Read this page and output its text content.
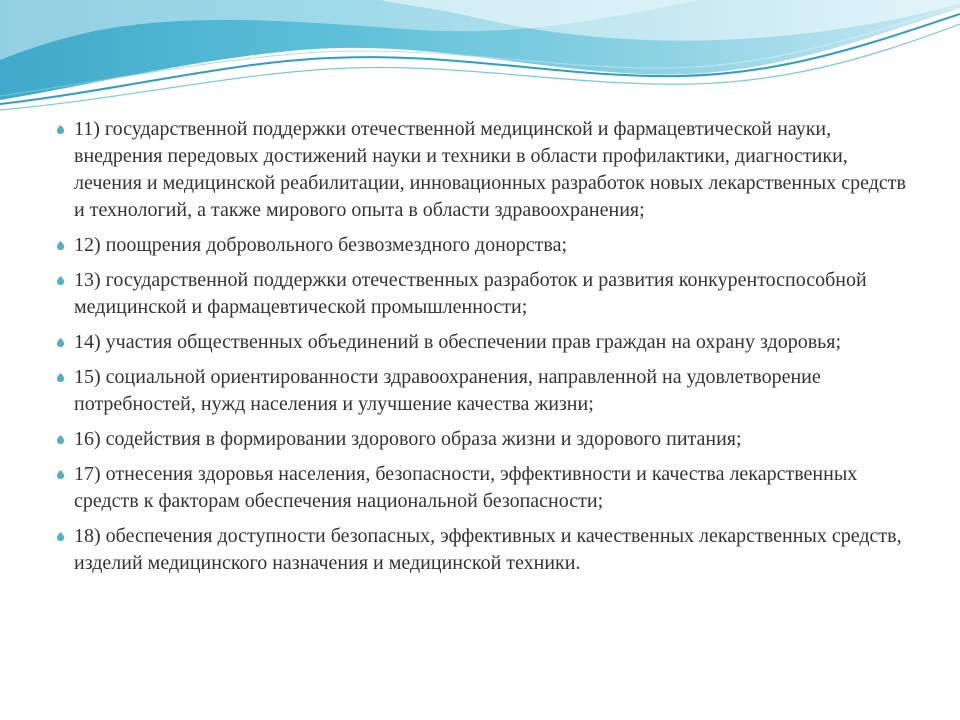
11) государственной поддержки отечественной медицинской и фармацевтической науки, внедрения передовых достижений науки и техники в области профилактики, диагностики, лечения и медицинской реабилитации, инновационных разработок новых лекарственных средств и технологий, а также мирового опыта в области здравоохранения;
12) поощрения добровольного безвозмездного донорства;
13) государственной поддержки отечественных разработок и развития конкурентоспособной медицинской и фармацевтической промышленности;
14) участия общественных объединений в обеспечении прав граждан на охрану здоровья;
15) социальной ориентированности здравоохранения, направленной на удовлетворение потребностей, нужд населения и улучшение качества жизни;
16) содействия в формировании здорового образа жизни и здорового питания;
17) отнесения здоровья населения, безопасности, эффективности и качества лекарственных средств к факторам обеспечения национальной безопасности;
18) обеспечения доступности безопасных, эффективных и качественных лекарственных средств, изделий медицинского назначения и медицинской техники.
